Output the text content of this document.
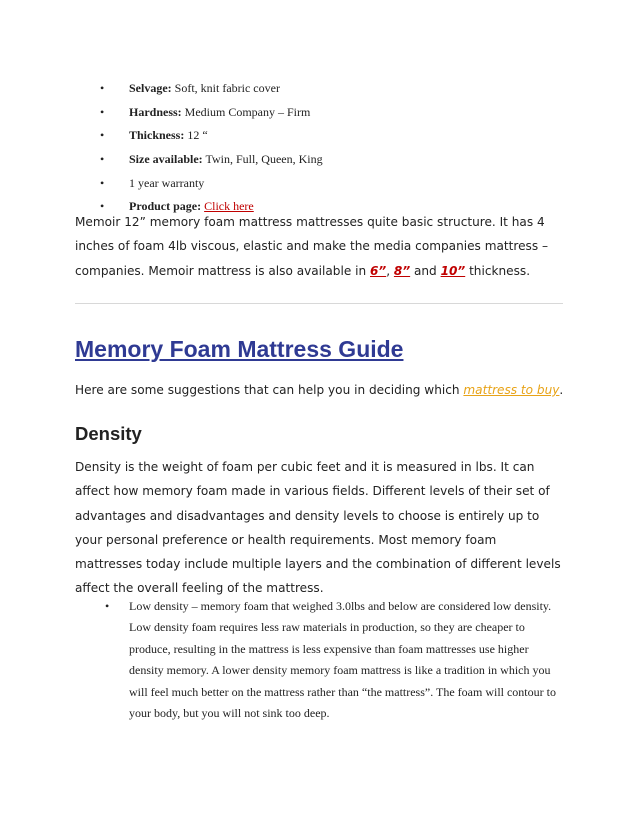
• Selvage: Soft, knit fabric cover
• Hardness: Medium Company – Firm
• Thickness: 12 “
• Size available: Twin, Full, Queen, King
• 1 year warranty
• Product page: Click here

Memoir 12” memory foam mattress mattresses quite basic structure. It has 4 inches of foam 4lb viscous, elastic and make the media companies mattress – companies. Memoir mattress is also available in 6”, 8” and 10” thickness.

Memory Foam Mattress Guide

Here are some suggestions that can help you in deciding which mattress to buy.

Density

Density is the weight of foam per cubic feet and it is measured in lbs. It can affect how memory foam made in various fields. Different levels of their set of advantages and disadvantages and density levels to choose is entirely up to your personal preference or health requirements. Most memory foam mattresses today include multiple layers and the combination of different levels affect the overall feeling of the mattress.

• Low density – memory foam that weighed 3.0lbs and below are considered low density. Low density foam requires less raw materials in production, so they are cheaper to produce, resulting in the mattress is less expensive than foam mattresses use higher density memory. A lower density memory foam mattress is like a tradition in which you will feel much better on the mattress rather than “the mattress”. The foam will contour to your body, but you will not sink too deep.
